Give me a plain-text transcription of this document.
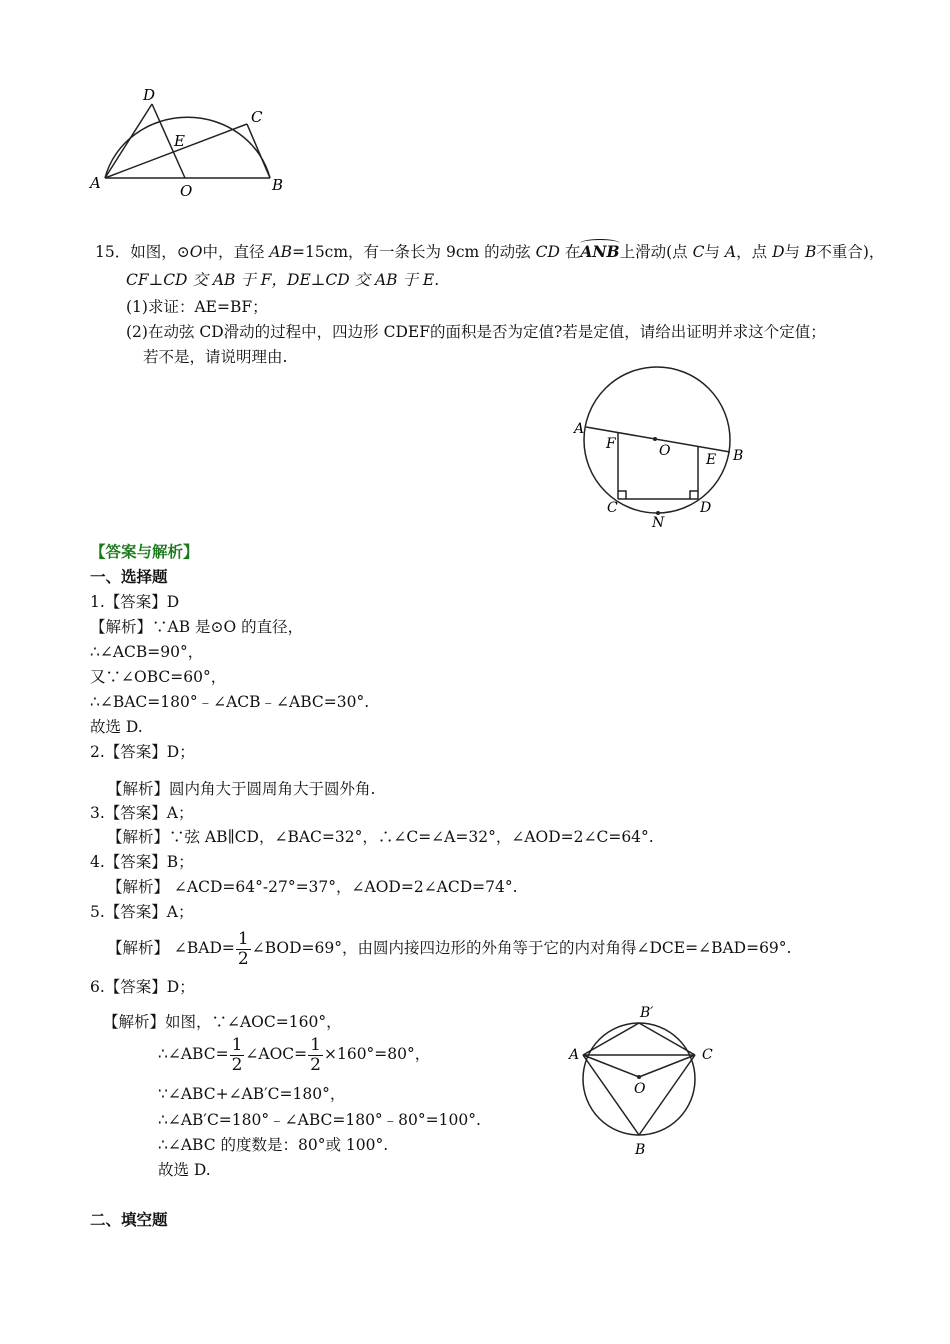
D
C
E
A	O	B
15．如图，⊙O中，直径 AB=15cm，有一条长为 9cm 的动弦 CD 在
ANB上滑动(点 C与 A，点 D与 B不重合)，
CF⊥CD 交 AB 于 F，DE⊥CD 交 AB 于 E.
(1)求证：AE=BF；
(2)在动弦 CD滑动的过程中，四边形 CDEF的面积是否为定值?若是定值，请给出证明并求这个定值；
若不是，请说明理由.
A
F	O
E B
C
N
D
【答案与解析】
一、选择题
1.【答案】D
【解析】∵AB 是⊙O 的直径，
∴∠ACB=90°，
又∵∠OBC=60°，
∴∠BAC=180°﹣∠ACB﹣∠ABC=30°.
故选 D.
2.【答案】D；
【解析】圆内角大于圆周角大于圆外角.
3.【答案】A；
【解析】∵弦 AB∥CD，∠BAC=32°，∴∠C=∠A=32°，∠AOD=2∠C=64°.
4.【答案】B；
【解析】 ∠ACD=64°-27°=37°，∠AOD=2∠ACD=74°.
5.【答案】A；
【解析】 ∠BAD= $\frac{1}{2}$ ∠BOD=69°，由圆内接四边形的外角等于它的内对角得∠DCE=∠BAD=69°.
6.【答案】D；
【解析】如图，∵∠AOC=160°，
∴∠ABC= $\frac{1}{2}$ ∠AOC= $\frac{1}{2} \times 160^\circ=80^\circ$，
∵∠ABC+∠AB′C=180°，
∴∠AB′C=180°﹣∠ABC=180°﹣80°=100°.
∴∠ABC 的度数是：80°或 100°.
故选 D.
B′
A	C
O
B
二、填空题
